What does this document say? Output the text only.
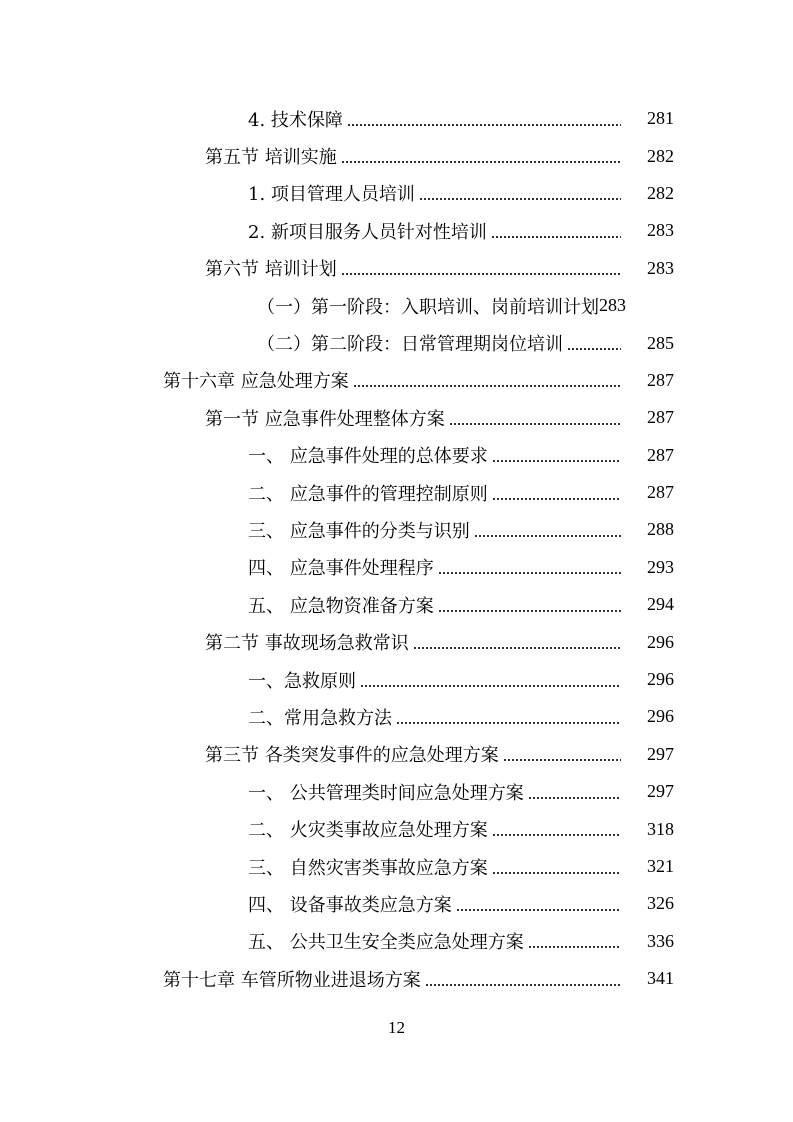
4. 技术保障	281
第五节 培训实施	282
1. 项目管理人员培训	282
2. 新项目服务人员针对性培训	283
第六节 培训计划	283
（一）第一阶段：入职培训、岗前培训计划 283
（二）第二阶段：日常管理期岗位培训	285
第十六章 应急处理方案	287
第一节 应急事件处理整体方案	287
一、 应急事件处理的总体要求	287
二、 应急事件的管理控制原则	287
三、 应急事件的分类与识别	288
四、 应急事件处理程序	293
五、 应急物资准备方案	294
第二节 事故现场急救常识	296
一、急救原则	296
二、常用急救方法	296
第三节 各类突发事件的应急处理方案	297
一、 公共管理类时间应急处理方案	297
二、 火灾类事故应急处理方案	318
三、 自然灾害类事故应急方案	321
四、 设备事故类应急方案	326
五、 公共卫生安全类应急处理方案	336
第十七章 车管所物业进退场方案	341
12
